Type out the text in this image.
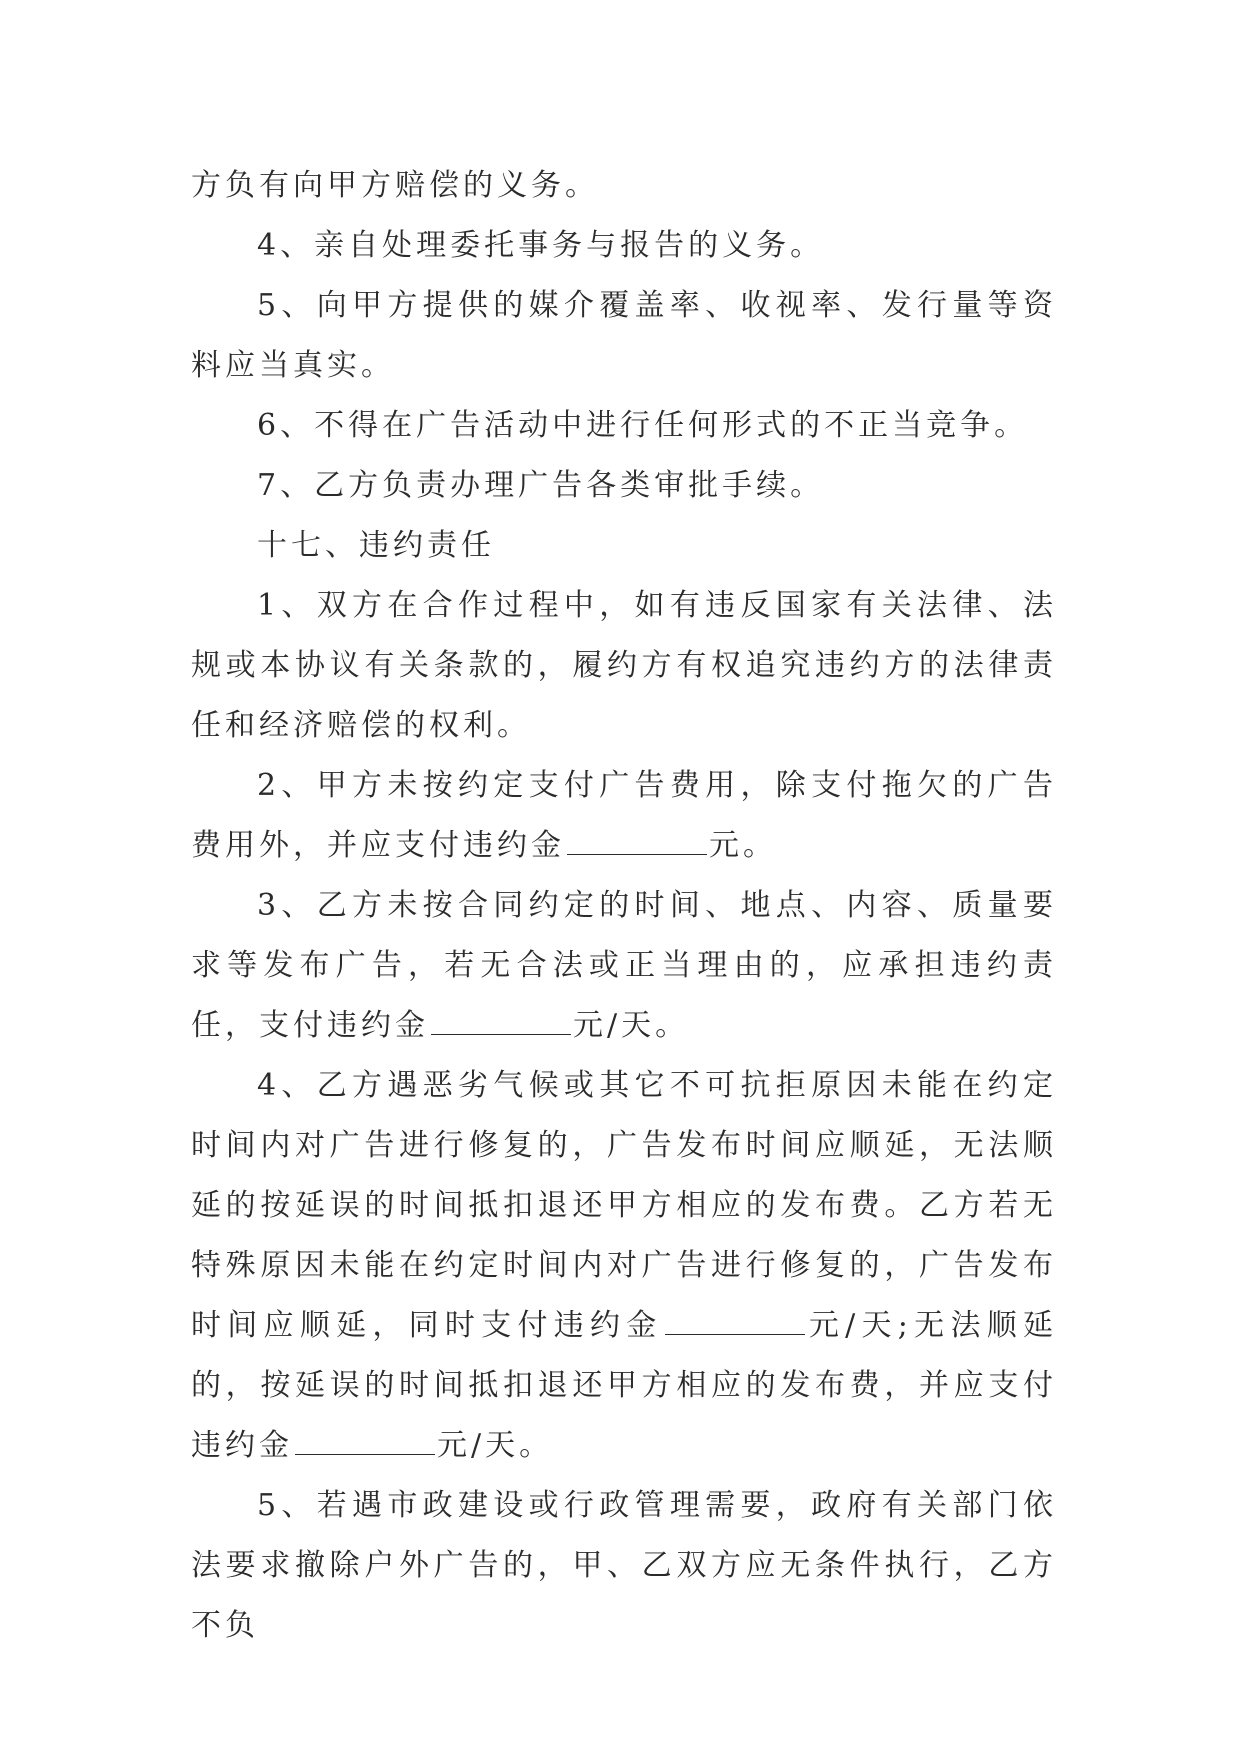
方负有向甲方赔偿的义务。

4、亲自处理委托事务与报告的义务。

5、向甲方提供的媒介覆盖率、收视率、发行量等资料应当真实。

6、不得在广告活动中进行任何形式的不正当竞争。

7、乙方负责办理广告各类审批手续。

十七、违约责任

1、双方在合作过程中，如有违反国家有关法律、法规或本协议有关条款的，履约方有权追究违约方的法律责任和经济赔偿的权利。

2、甲方未按约定支付广告费用，除支付拖欠的广告费用外，并应支付违约金	元。

3、乙方未按合同约定的时间、地点、内容、质量要求等发布广告，若无合法或正当理由的，应承担违约责任，支付违约金	元/天。

4、乙方遇恶劣气候或其它不可抗拒原因未能在约定时间内对广告进行修复的，广告发布时间应顺延，无法顺延的按延误的时间抵扣退还甲方相应的发布费。乙方若无特殊原因未能在约定时间内对广告进行修复的，广告发布时间应顺延，同时支付违约金	元/天;无法顺延的，按延误的时间抵扣退还甲方相应的发布费，并应支付违约金	元/天。

5、若遇市政建设或行政管理需要，政府有关部门依法要求撤除户外广告的，甲、乙双方应无条件执行，乙方不负
